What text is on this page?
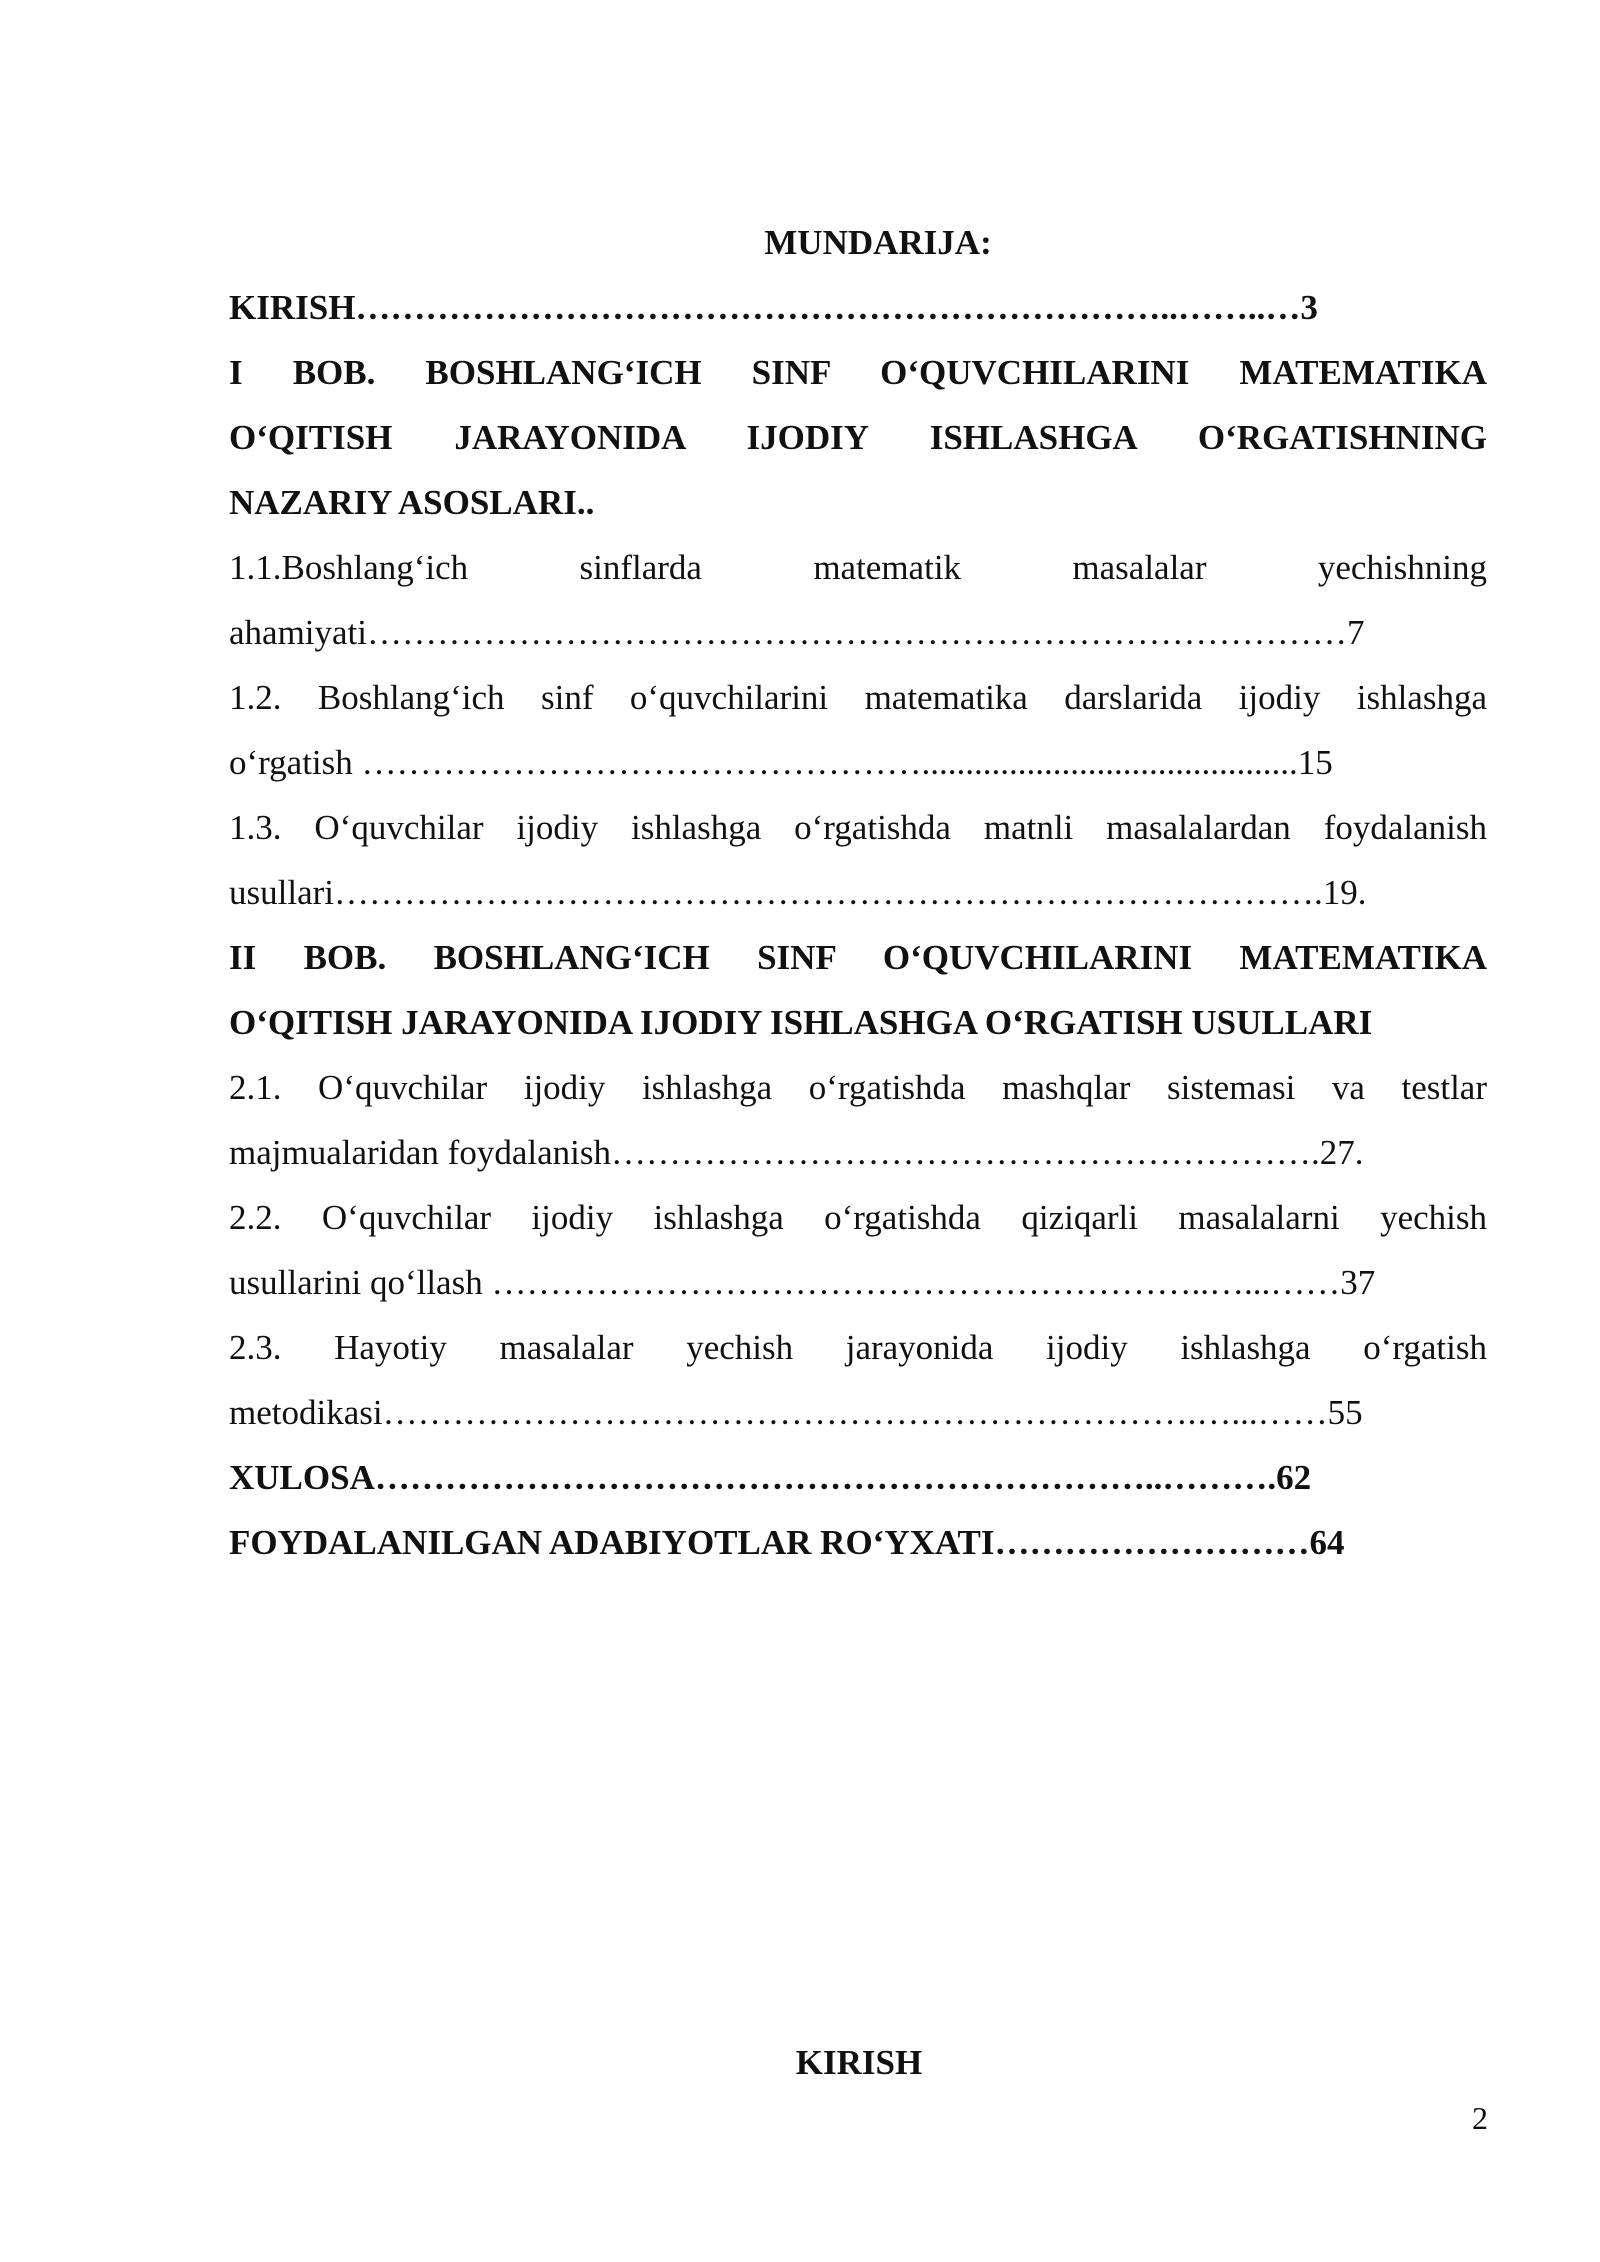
MUNDARIJA:
KIRISH……………………………………………………………..……..…3
I BOB. BOSHLANG‘ICH SINF O‘QUVCHILARINI MATEMATIKA
O‘QITISH JARAYONIDA IJODIY ISHLASHGA O‘RGATISHNING
NAZARIY ASOSLARI..
1.1.Boshlang‘ich sinflarda matematik masalalar yechishning
ahamiyati…………………………………………………………………………7
1.2. Boshlang‘ich sinf o‘quvchilarini matematika darslarida ijodiy ishlashga
o‘rgatish …………………………………………...........................................15
1.3. O‘quvchilar ijodiy ishlashga o‘rgatishda matnli masalalardan foydalanish
usullari………………………………………………………………………….19.
II BOB. BOSHLANG‘ICH SINF O‘QUVCHILARINI MATEMATIKA
O‘QITISH JARAYONIDA IJODIY ISHLASHGA O‘RGATISH USULLARI
2.1. O‘quvchilar ijodiy ishlashga o‘rgatishda mashqlar sistemasi va testlar
majmualaridan foydalanish…………………………………………………….27.
2.2. O‘quvchilar ijodiy ishlashga o‘rgatishda qiziqarli masalalarni yechish
usullarini qo‘llash ……………………………………………………..…...……37
2.3. Hayotiy masalalar yechish jarayonida ijodiy ishlashga o‘rgatish
metodikasi…………………………………………………………….…...……55
XULOSA…………………………………………………………..……….62
FOYDALANILGAN ADABIYOTLAR RO‘YXATI………………………64
KIRISH
2
